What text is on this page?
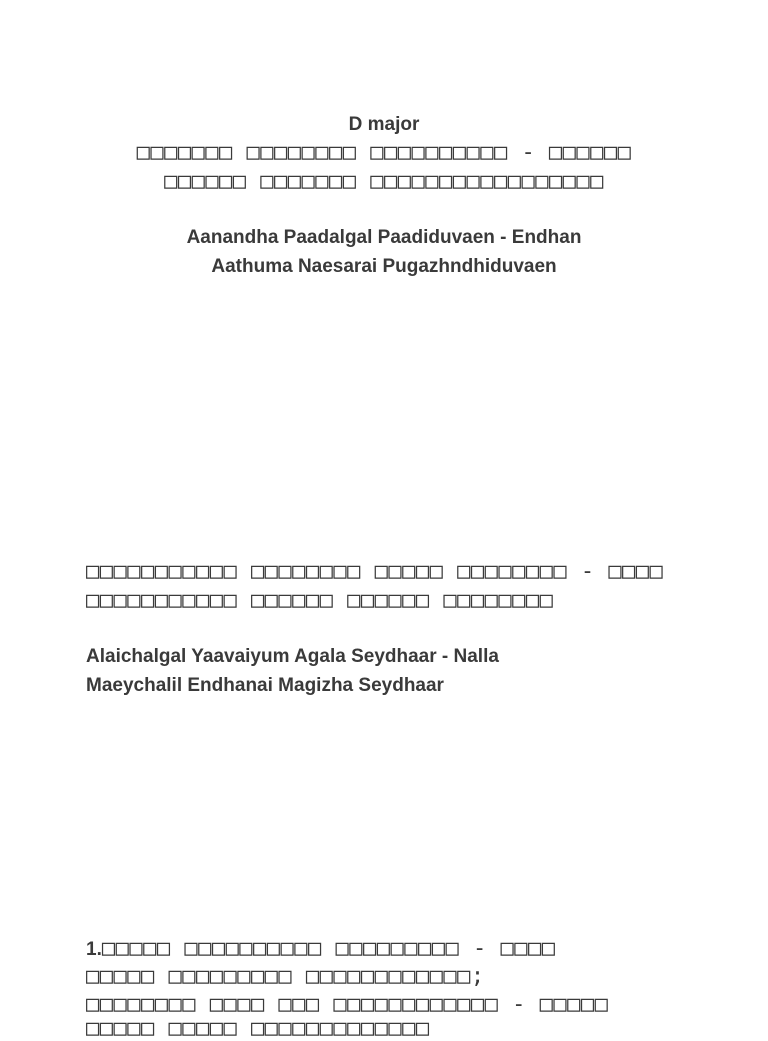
D major
□□□□□□□ □□□□□□□□ □□□□□□□□□□ - □□□□□□
□□□□□□ □□□□□□□ □□□□□□□□□□□□□□□□□
Aanandha Paadalgal Paadiduvaen - Endhan
Aathuma Naesarai Pugazhndhiduvaen
□□□□□□□□□□□ □□□□□□□□ □□□□□ □□□□□□□□ - □□□□
□□□□□□□□□□□ □□□□□□ □□□□□□ □□□□□□□□
Alaichalgal Yaavaiyum Agala Seydhaar - Nalla
Maeychalil Endhanai Magizha Seydhaar
1.□□□□□ □□□□□□□□□□ □□□□□□□□□ - □□□□
□□□□□ □□□□□□□□□ □□□□□□□□□□□□;
□□□□□□□□ □□□□ □□□ □□□□□□□□□□□□ - □□□□□
□□□□□ □□□□□ □□□□□□□□□□□□□
